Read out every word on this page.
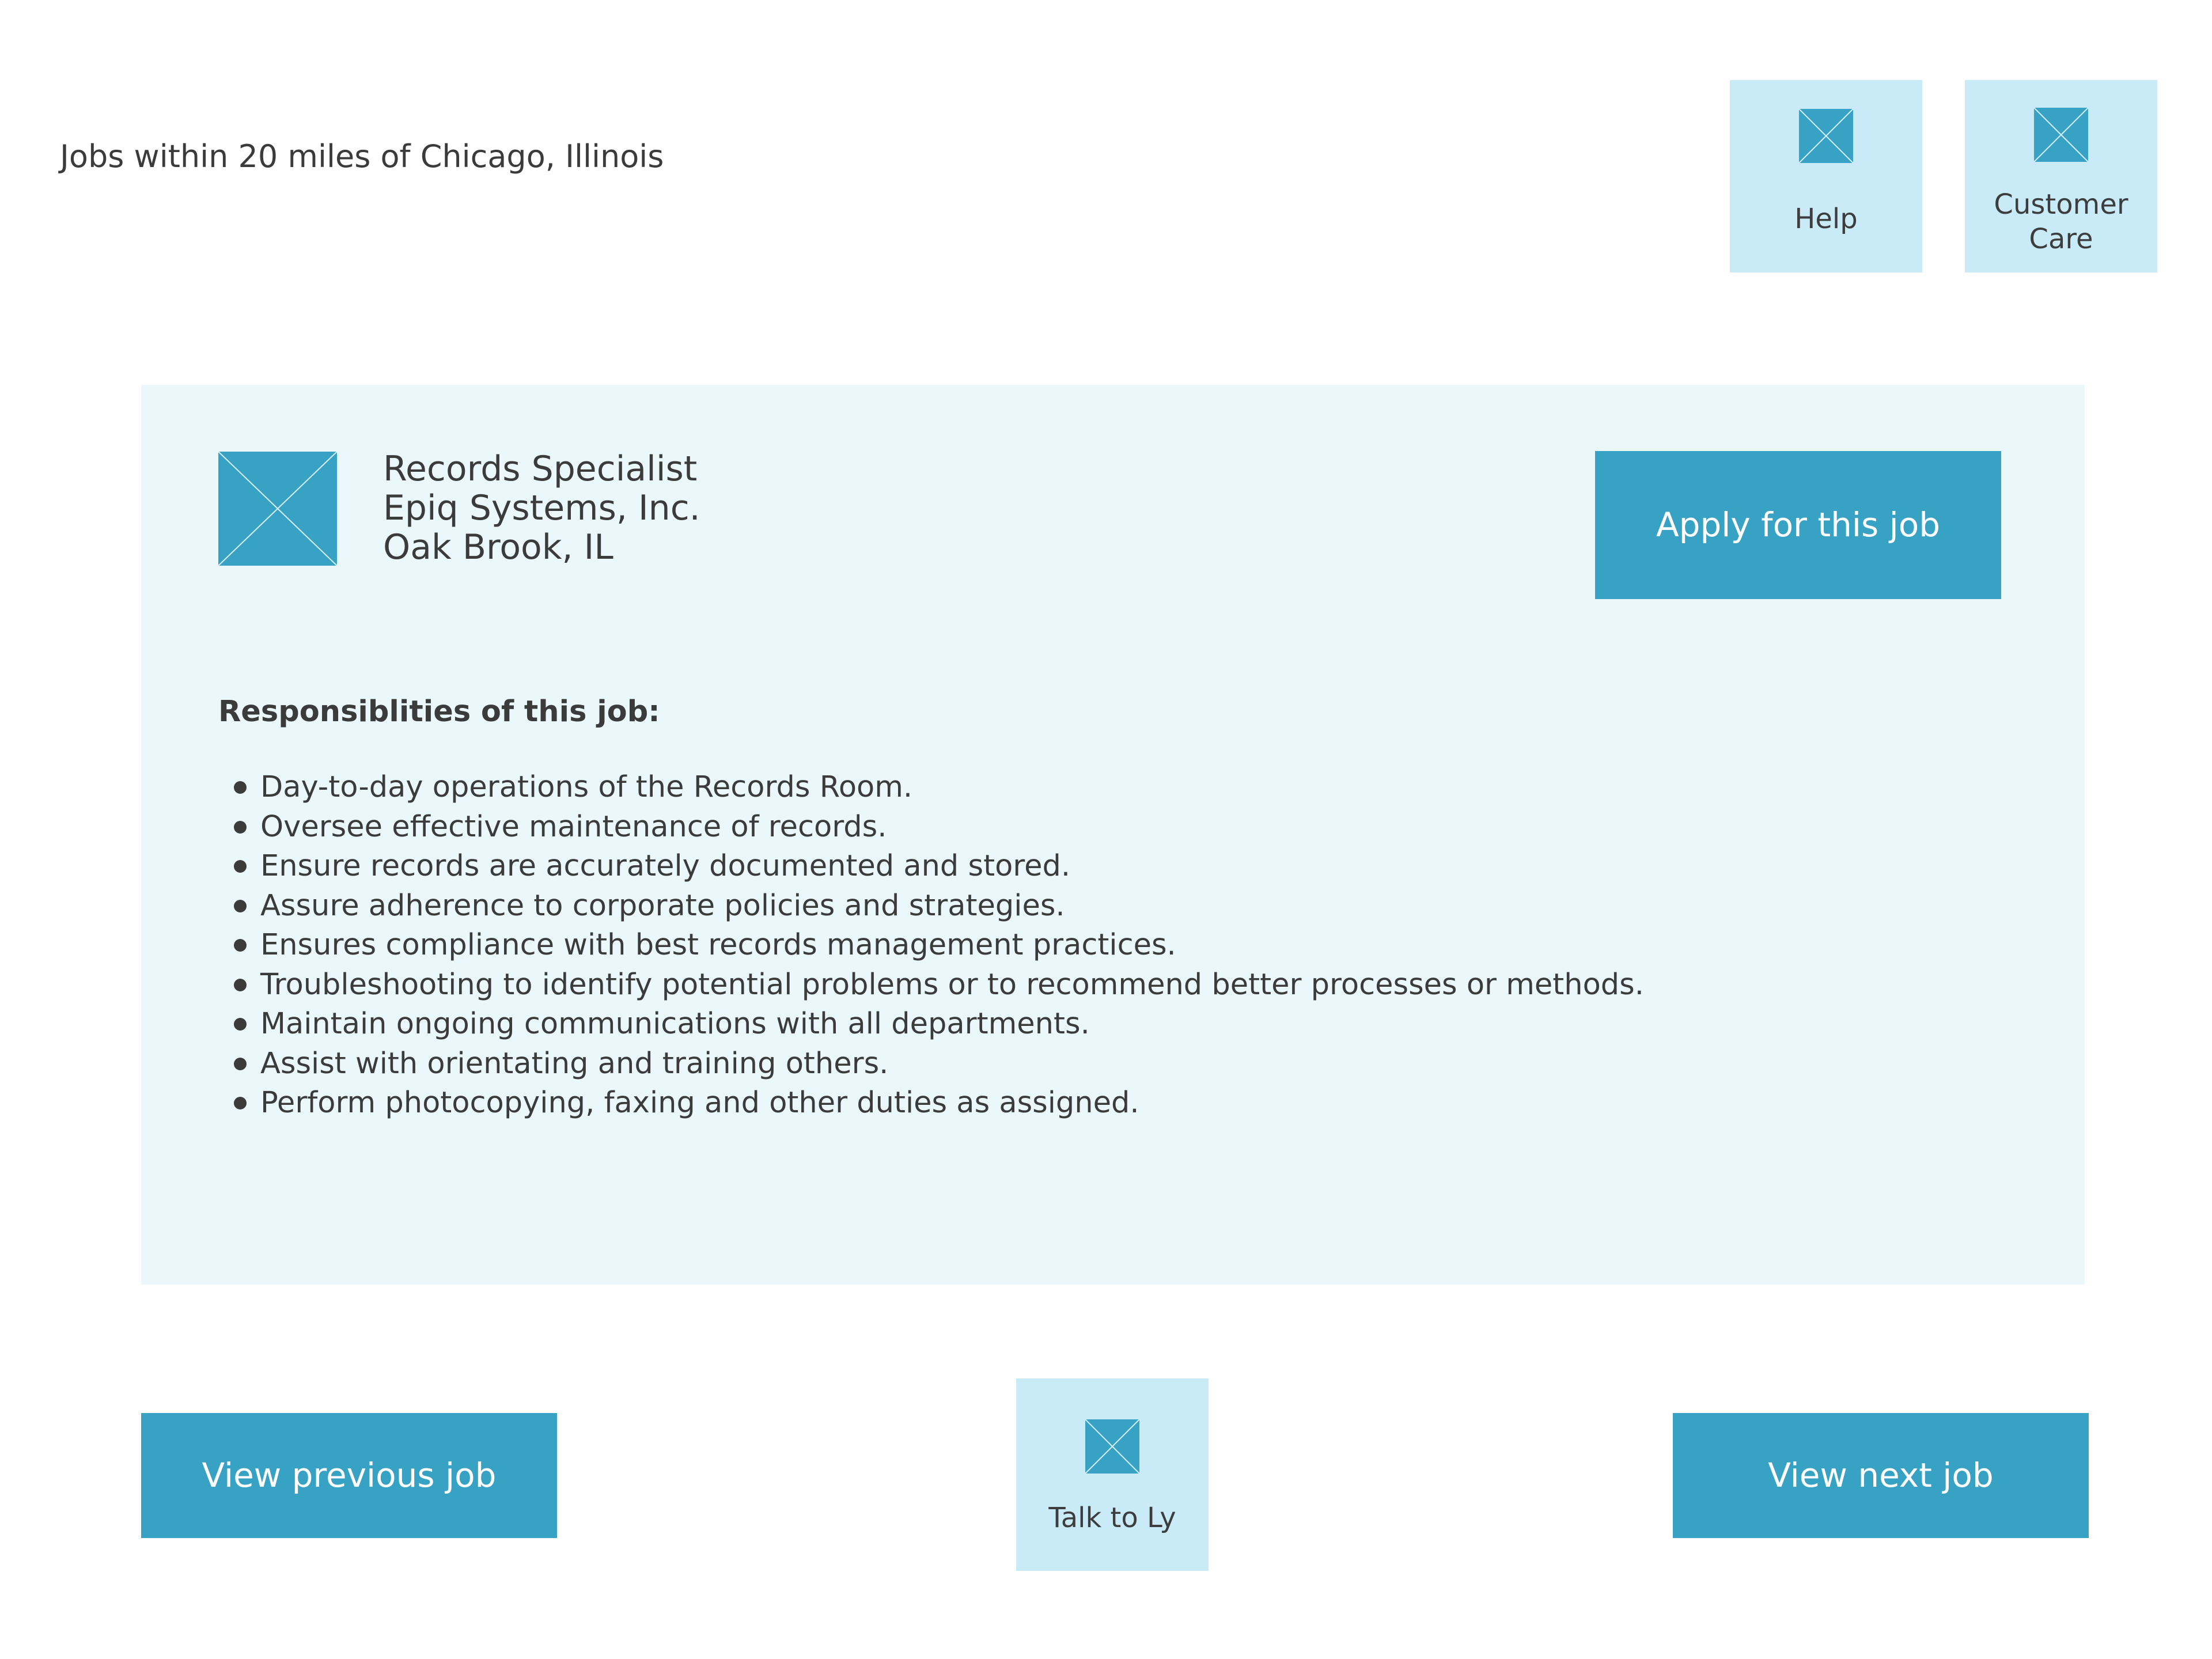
Jobs within 20 miles of Chicago, Illinois
Help	Customer
Care
Records Specialist
Epiq Systems, Inc.
Oak Brook, IL
Apply for this job
Responsiblities of this job:
Day-to-day operations of the Records Room.
Oversee effective maintenance of records.
Ensure records are accurately documented and stored.
Assure adherence to corporate policies and strategies.
Ensures compliance with best records management practices.
Troubleshooting to identify potential problems or to recommend better processes or methods.
Maintain ongoing communications with all departments.
Assist with orientating and training others.
Perform photocopying, faxing and other duties as assigned.
View previous job
Talk to Ly
View next job
